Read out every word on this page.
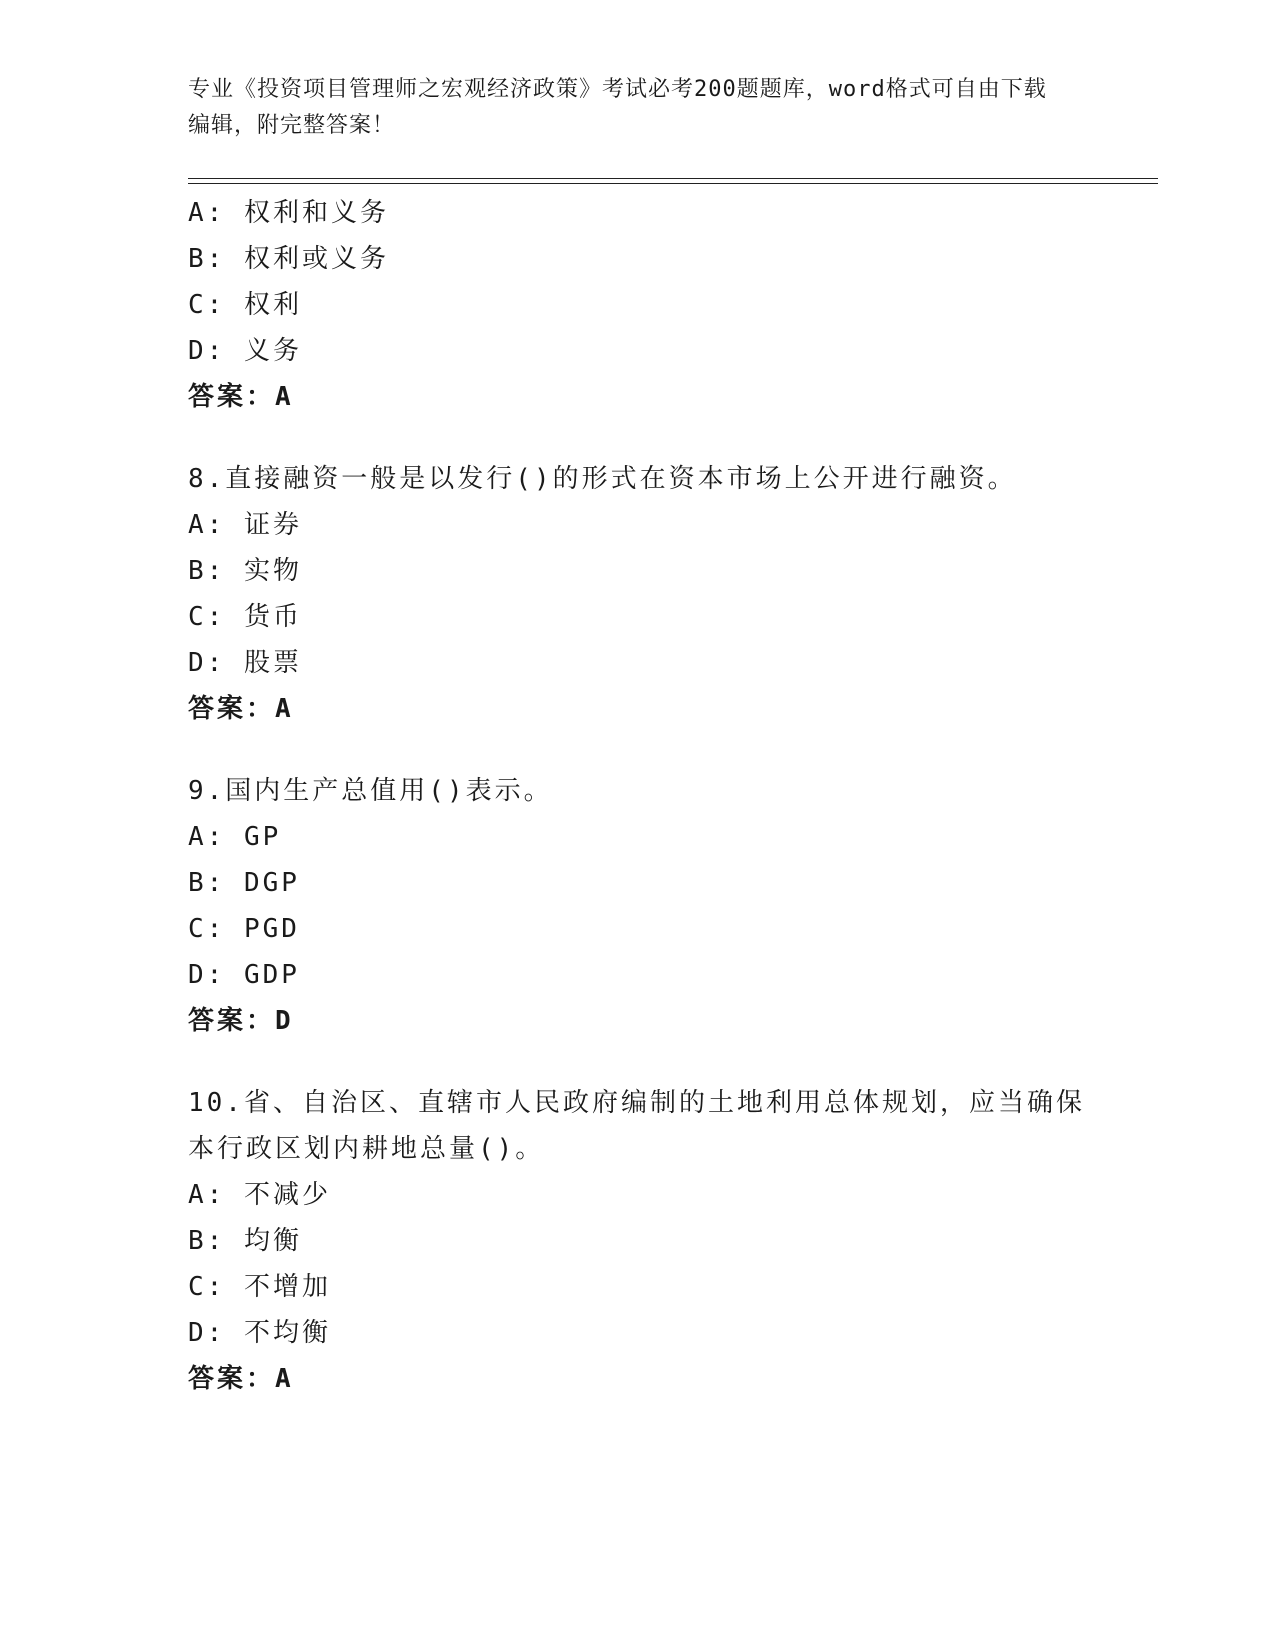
专业《投资项目管理师之宏观经济政策》考试必考200题题库，word格式可自由下载编辑，附完整答案！
A: 权利和义务
B: 权利或义务
C: 权利
D: 义务
答案：A
8.直接融资一般是以发行()的形式在资本市场上公开进行融资。
A: 证券
B: 实物
C: 货币
D: 股票
答案：A
9.国内生产总值用()表示。
A: GP
B: DGP
C: PGD
D: GDP
答案：D
10.省、自治区、直辖市人民政府编制的土地利用总体规划，应当确保本行政区划内耕地总量()。
A: 不减少
B: 均衡
C: 不增加
D: 不均衡
答案：A
